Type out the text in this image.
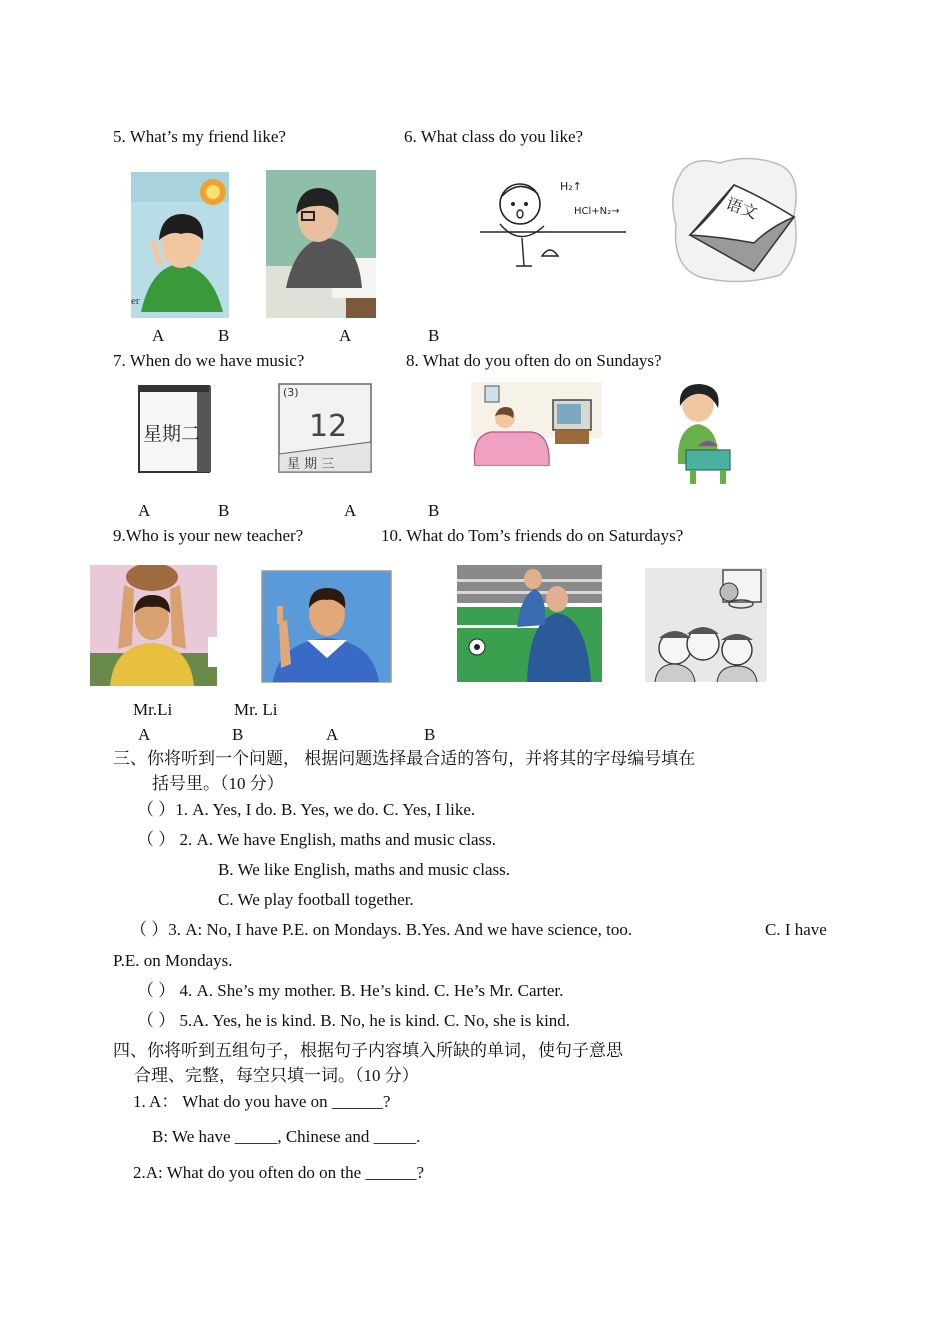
5. What’s my friend like?	6. What class do you like?
er
H₂↑
HCl+N₂→	语文
A	B	A	B
7. When do we have music?	8. What do you often do on Sundays?
星期二
(3)
12
星 期 三
A	B	A	B
9.Who is your new teacher?	10. What do Tom’s friends do on Saturdays?
Mr.Li	Mr. Li
A	B	A	B
三、你将听到一个问题， 根据问题选择最合适的答句，并将其的字母编号填在
括号里。（10 分）
（ ）1. A. Yes, I do. B. Yes, we do. C. Yes, I like.
（ ） 2. A. We have English, maths and music class.
B. We like English, maths and music class.
C. We play football together.
（ ）3. A: No, I have P.E. on Mondays. B.Yes. And we have science, too.	C. I have
P.E. on Mondays.
（ ） 4. A. She’s my mother. B. He’s kind. C. He’s Mr. Carter.
（ ） 5.A. Yes, he is kind. B. No, he is kind. C. No, she is kind.
四、你将听到五组句子，根据句子内容填入所缺的单词，使句子意思
合理、完整，每空只填一词。（10 分）
1. A： What do you have on ______?
B: We have _____, Chinese and _____.
2.A: What do you often do on the ______?
